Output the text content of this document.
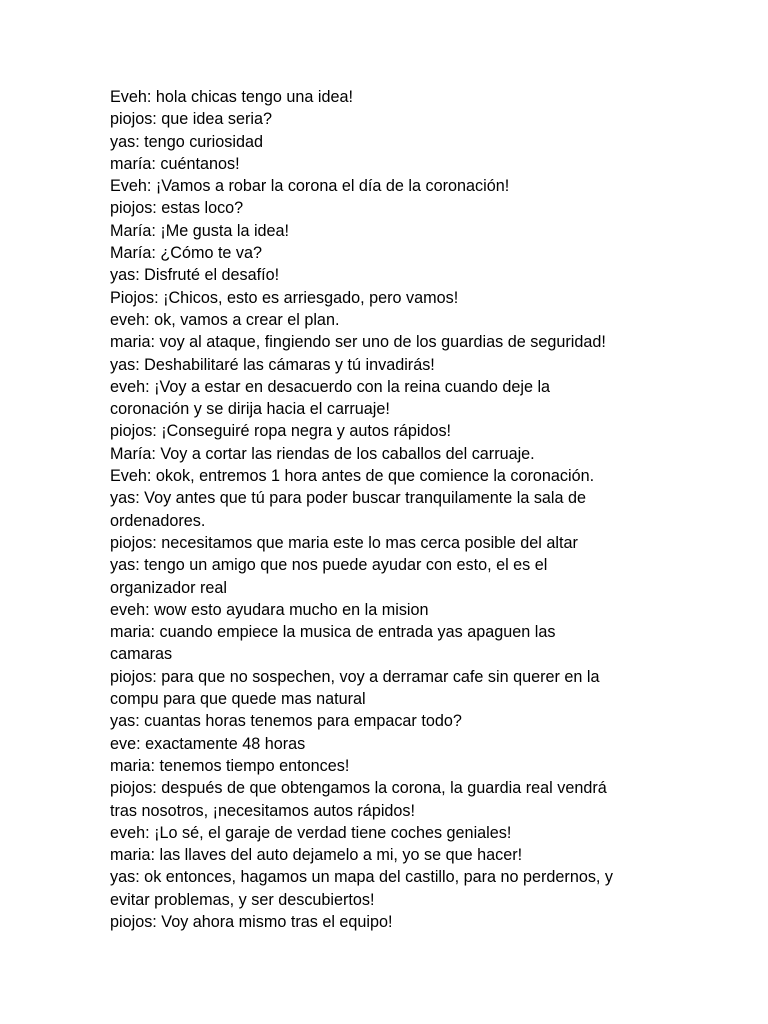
Eveh: hola chicas tengo una idea!
piojos: que idea seria?
yas: tengo curiosidad
maría: cuéntanos!
Eveh: ¡Vamos a robar la corona el día de la coronación!
piojos: estas loco?
María: ¡Me gusta la idea!
María: ¿Cómo te va?
yas: Disfruté el desafío!
Piojos: ¡Chicos, esto es arriesgado, pero vamos!
eveh: ok, vamos a crear el plan.
maria: voy al ataque, fingiendo ser uno de los guardias de seguridad!
yas: Deshabilitaré las cámaras y tú invadirás!
eveh: ¡Voy a estar en desacuerdo con la reina cuando deje la
coronación y se dirija hacia el carruaje!
piojos: ¡Conseguiré ropa negra y autos rápidos!
María: Voy a cortar las riendas de los caballos del carruaje.
Eveh: okok, entremos 1 hora antes de que comience la coronación.
yas: Voy antes que tú para poder buscar tranquilamente la sala de
ordenadores.
piojos: necesitamos que maria este lo mas cerca posible del altar
yas: tengo un amigo que nos puede ayudar con esto, el es el
organizador real
eveh: wow esto ayudara mucho en la mision
maria: cuando empiece la musica de entrada yas apaguen las
camaras
piojos: para que no sospechen, voy a derramar cafe sin querer en la
compu para que quede mas natural
yas: cuantas horas tenemos para empacar todo?
eve: exactamente 48 horas
maria: tenemos tiempo entonces!
piojos: después de que obtengamos la corona, la guardia real vendrá
tras nosotros, ¡necesitamos autos rápidos!
eveh: ¡Lo sé, el garaje de verdad tiene coches geniales!
maria: las llaves del auto dejamelo a mi, yo se que hacer!
yas: ok entonces, hagamos un mapa del castillo, para no perdernos, y
evitar problemas, y ser descubiertos!
piojos: Voy ahora mismo tras el equipo!
